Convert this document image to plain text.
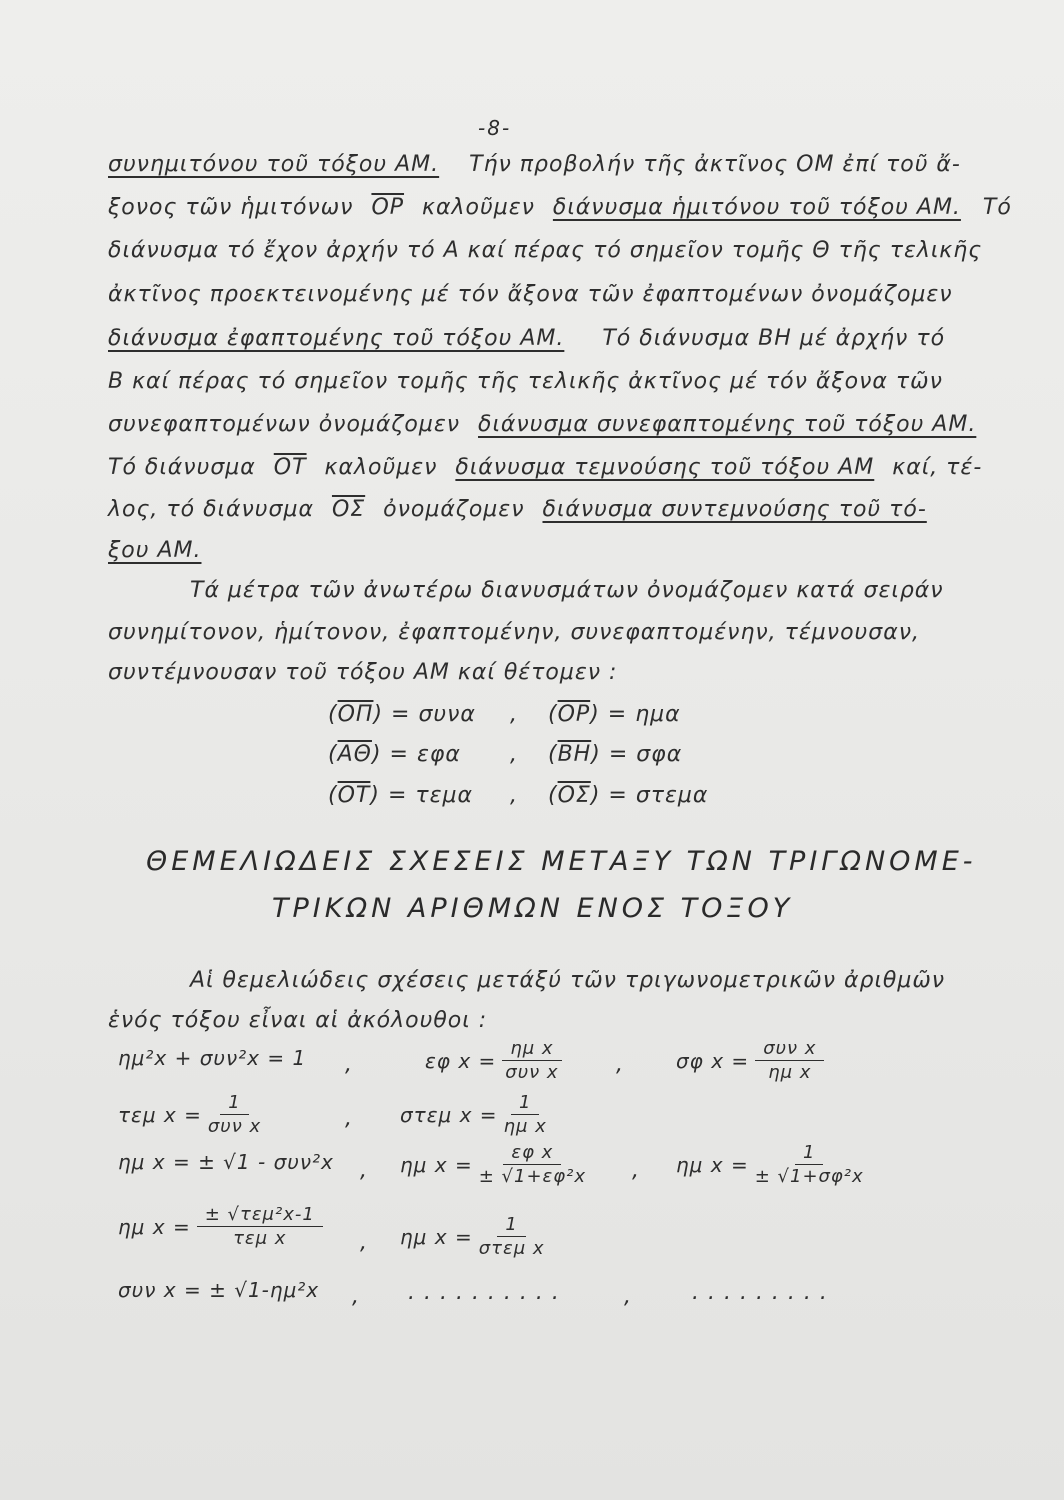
-8-
συνημιτόνου τοῦ τόξου ΑΜ. Τήν προβολήν τῆς ἀκτῖνος ΟΜ ἐπί τοῦ ἄ-
ξονος τῶν ἡμιτόνων $\overline{OP}$ καλοῦμεν διάνυσμα ἡμιτόνου τοῦ τόξου ΑΜ. Τό
διάνυσμα τό ἔχον ἀρχήν τό Α καί πέρας τό σημεῖον τομῆς Θ τῆς τελικῆς
ἀκτῖνος προεκτεινομένης μέ τόν ἄξονα τῶν ἐφαπτομένων ὀνομάζομεν
διάνυσμα ἐφαπτομένης τοῦ τόξου ΑΜ. Τό διάνυσμα ΒΗ μέ ἀρχήν τό
Β καί πέρας τό σημεῖον τομῆς τῆς τελικῆς ἀκτῖνος μέ τόν ἄξονα τῶν
συνεφαπτομένων ὀνομάζομεν διάνυσμα συνεφαπτομένης τοῦ τόξου ΑΜ.
Τό διάνυσμα $\overline{OT}$ καλοῦμεν διάνυσμα τεμνούσης τοῦ τόξου ΑΜ καί, τέ-
λος, τό διάνυσμα $\overline{O\Sigma}$ ὀνομάζομεν διάνυσμα συντεμνούσης τοῦ τό-
ξου ΑΜ.
Τά μέτρα τῶν ἀνωτέρω διανυσμάτων ὀνομάζομεν κατά σειράν
συνημίτονον, ἡμίτονον, ἐφαπτομένην, συνεφαπτομένην, τέμνουσαν,
συντέμνουσαν τοῦ τόξου ΑΜ καί θέτομεν :
$(\overline{O\Pi}) = \sigma\upsilon\nu\alpha$ , $(\overline{OP}) = \eta\mu\alpha$
$(\overline{A\Theta}) = \varepsilon\varphi\alpha$ , $(\overline{BH}) = \sigma\varphi\alpha$
$(\overline{OT}) = \tau\varepsilon\mu\alpha$ , $(\overline{O\Sigma}) = \sigma\tau\varepsilon\mu\alpha$
ΘΕΜΕΛΙΩΔΕΙΣ ΣΧΕΣΕΙΣ ΜΕΤΑΞΥ ΤΩΝ ΤΡΙΓΩΝΟΜΕ-
ΤΡΙΚΩΝ ΑΡΙΘΜΩΝ ΕΝΟΣ ΤΟΞΟΥ
Αἱ θεμελιώδεις σχέσεις μετάξύ τῶν τριγωνομετρικῶν ἀριθμῶν
ἑνός τόξου εἶναι αἱ ἀκόλουθοι :
ημ²x + συν²x = 1 ,	εφ $x = \frac{\text{ημ x}}{\text{συν x}}$ ,	σφ $x = \frac{\text{συν x}}{\text{ημ x}}$
τεμ $x = \frac{1}{\text{συν x}}$	, στεμ $x = \frac{1}{\text{ημ x}}$
ημ x = ± √1 - συν²x , ημ $x = \frac{\text{εφ x}}{\text{± √1+εφ²x}}$ , ημ $x = \frac{1}{\text{± √1+σφ²x}}$
ημ $x = \frac{\text{± √τεμ²x-1}}{\text{τεμ x}}$ , ημ $x = \frac{1}{\text{στεμ x}}$
συν x = ± √1-ημ²x , . . . . . . . . . .	,	. . . . . . . . .
